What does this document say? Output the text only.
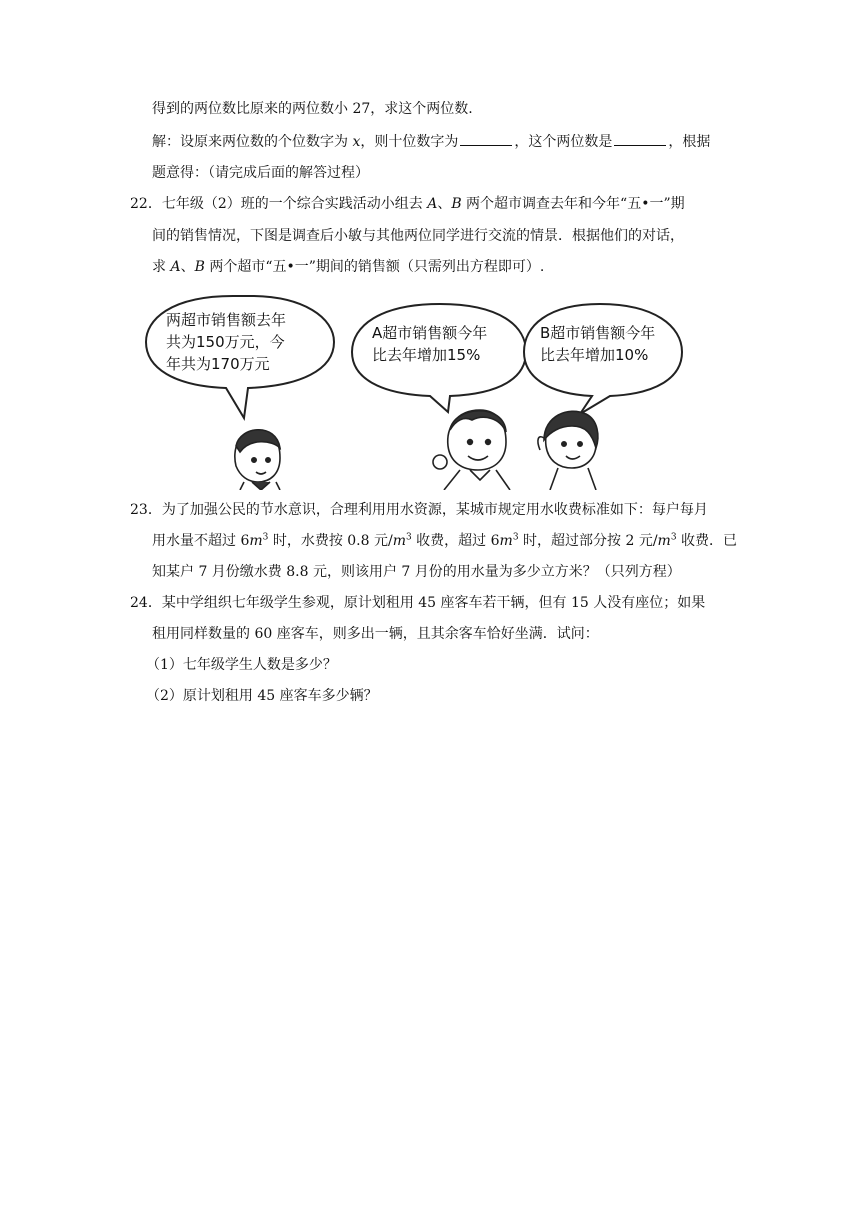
得到的两位数比原来的两位数小 27，求这个两位数.
解：设原来两位数的个位数字为 x，则十位数字为	，这个两位数是	，根据
题意得：（请完成后面的解答过程）
22．七年级（2）班的一个综合实践活动小组去 A、B 两个超市调查去年和今年“五•一”期
间的销售情况，下图是调查后小敏与其他两位同学进行交流的情景．根据他们的对话，
求 A、B 两个超市“五•一”期间的销售额（只需列出方程即可）.
两超市销售额去年
共为150万元，今
年共为170万元
A超市销售额今年
比去年增加15%
B超市销售额今年
比去年增加10%
23．为了加强公民的节水意识，合理利用用水资源，某城市规定用水收费标准如下：每户每月
用水量不超过 $6m^3$ 时，水费按 0.8 元$/m^3$ 收费，超过 $6m^3$ 时，超过部分按 2 元$/m^3$ 收费．已
知某户 7 月份缴水费 8.8 元，则该用户 7 月份的用水量为多少立方米？（只列方程）
24．某中学组织七年级学生参观，原计划租用 45 座客车若干辆，但有 15 人没有座位；如果
租用同样数量的 60 座客车，则多出一辆，且其余客车恰好坐满．试问：
（1）七年级学生人数是多少？
（2）原计划租用 45 座客车多少辆？
